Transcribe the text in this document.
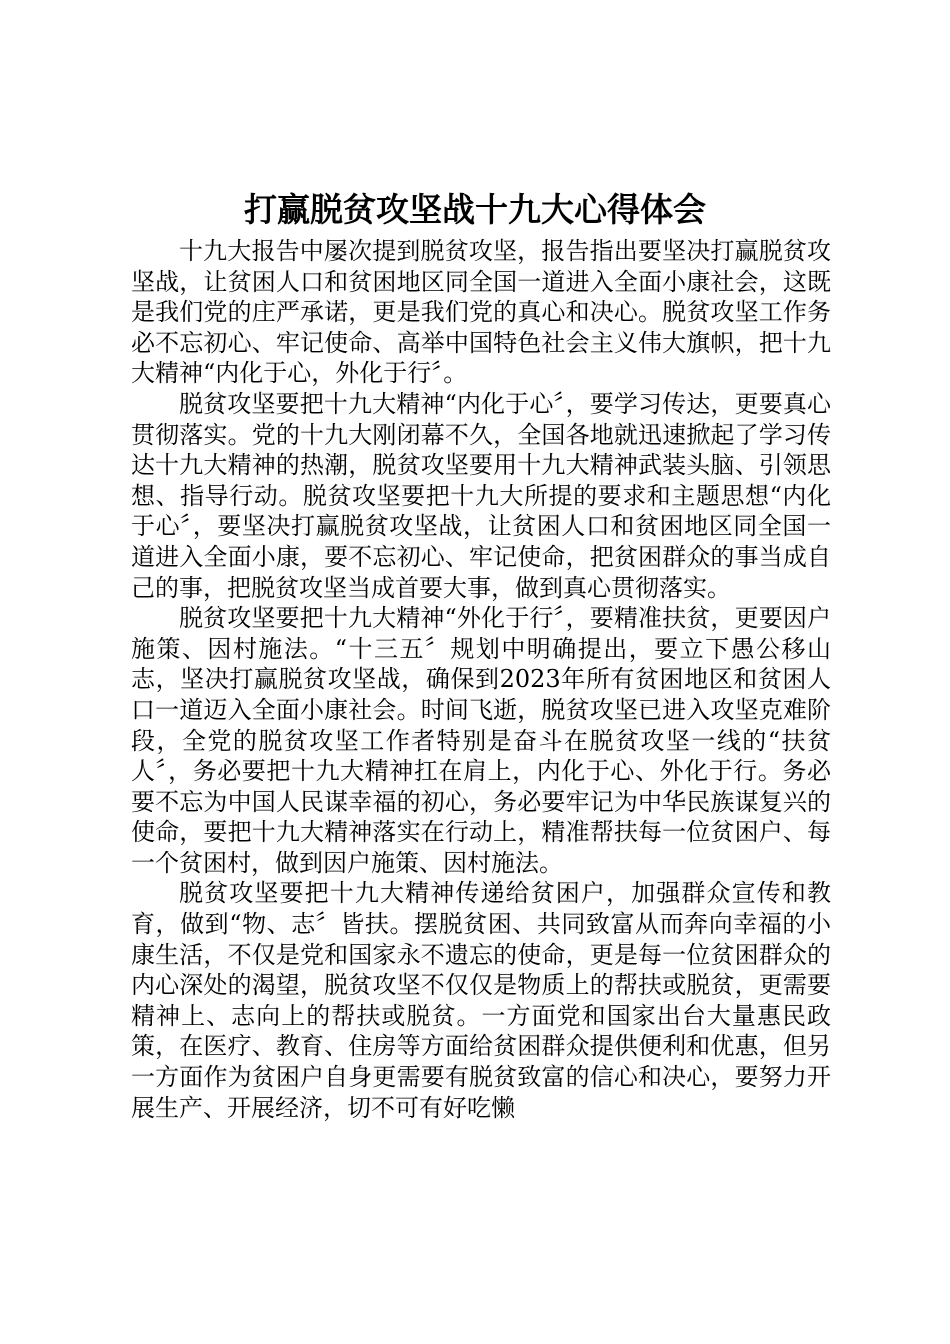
打赢脱贫攻坚战十九大心得体会

十九大报告中屡次提到脱贫攻坚，报告指出要坚决打赢脱贫攻坚战，让贫困人口和贫困地区同全国一道进入全面小康社会，这既是我们党的庄严承诺，更是我们党的真心和决心。脱贫攻坚工作务必不忘初心、牢记使命、高举中国特色社会主义伟大旗帜，把十九大精神“内化于心，外化于行〞。

脱贫攻坚要把十九大精神“内化于心〞，要学习传达，更要真心贯彻落实。党的十九大刚闭幕不久，全国各地就迅速掀起了学习传达十九大精神的热潮，脱贫攻坚要用十九大精神武装头脑、引领思想、指导行动。脱贫攻坚要把十九大所提的要求和主题思想“内化于心〞，要坚决打赢脱贫攻坚战，让贫困人口和贫困地区同全国一道进入全面小康，要不忘初心、牢记使命，把贫困群众的事当成自己的事，把脱贫攻坚当成首要大事，做到真心贯彻落实。

脱贫攻坚要把十九大精神“外化于行〞，要精准扶贫，更要因户施策、因村施法。“十三五〞规划中明确提出，要立下愚公移山志，坚决打赢脱贫攻坚战，确保到2023年所有贫困地区和贫困人口一道迈入全面小康社会。时间飞逝，脱贫攻坚已进入攻坚克难阶段，全党的脱贫攻坚工作者特别是奋斗在脱贫攻坚一线的“扶贫人〞，务必要把十九大精神扛在肩上，内化于心、外化于行。务必要不忘为中国人民谋幸福的初心，务必要牢记为中华民族谋复兴的使命，要把十九大精神落实在行动上，精准帮扶每一位贫困户、每一个贫困村，做到因户施策、因村施法。

脱贫攻坚要把十九大精神传递给贫困户，加强群众宣传和教育，做到“物、志〞皆扶。摆脱贫困、共同致富从而奔向幸福的小康生活，不仅是党和国家永不遗忘的使命，更是每一位贫困群众的内心深处的渴望，脱贫攻坚不仅仅是物质上的帮扶或脱贫，更需要精神上、志向上的帮扶或脱贫。一方面党和国家出台大量惠民政策，在医疗、教育、住房等方面给贫困群众提供便利和优惠，但另一方面作为贫困户自身更需要有脱贫致富的信心和决心，要努力开展生产、开展经济，切不可有好吃懒
